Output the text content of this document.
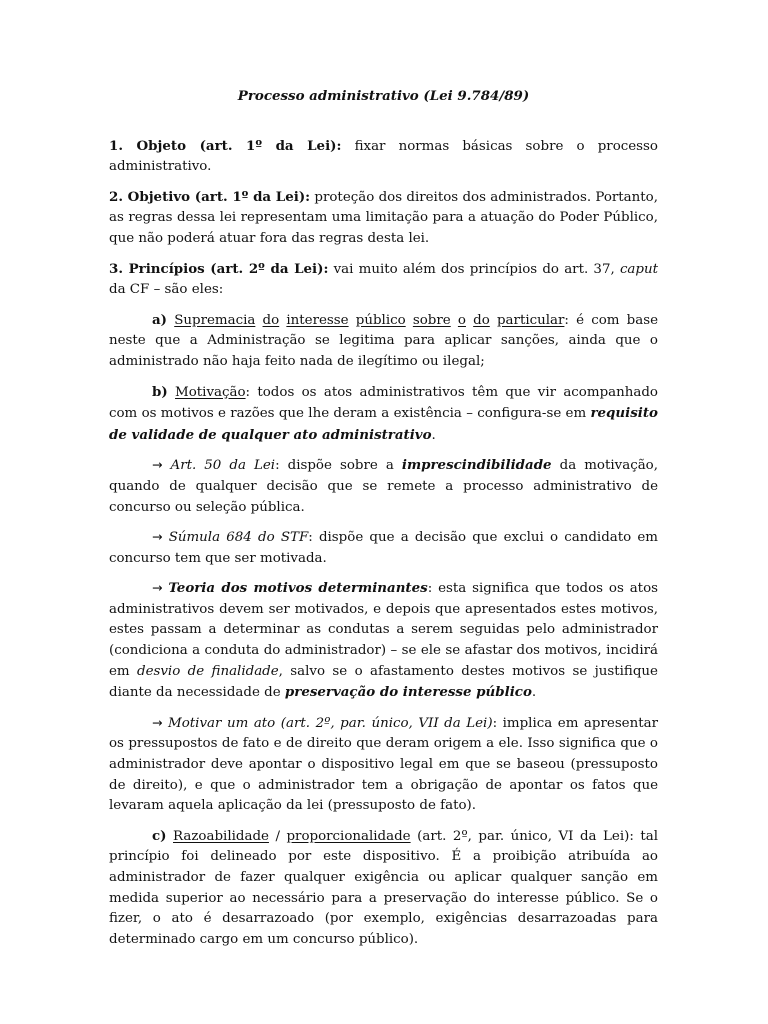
Processo administrativo (Lei 9.784/89)

1. Objeto (art. 1º da Lei): fixar normas básicas sobre o processo administrativo.

2. Objetivo (art. 1º da Lei): proteção dos direitos dos administrados. Portanto, as regras dessa lei representam uma limitação para a atuação do Poder Público, que não poderá atuar fora das regras desta lei.

3. Princípios (art. 2º da Lei): vai muito além dos princípios do art. 37, caput da CF – são eles:

a) Supremacia do interesse público sobre o do particular: é com base neste que a Administração se legitima para aplicar sanções, ainda que o administrado não haja feito nada de ilegítimo ou ilegal;

b) Motivação: todos os atos administrativos têm que vir acompanhado com os motivos e razões que lhe deram a existência – configura-se em requisito de validade de qualquer ato administrativo.

→ Art. 50 da Lei: dispõe sobre a imprescindibilidade da motivação, quando de qualquer decisão que se remete a processo administrativo de concurso ou seleção pública.

→ Súmula 684 do STF: dispõe que a decisão que exclui o candidato em concurso tem que ser motivada.

→ Teoria dos motivos determinantes: esta significa que todos os atos administrativos devem ser motivados, e depois que apresentados estes motivos, estes passam a determinar as condutas a serem seguidas pelo administrador (condiciona a conduta do administrador) – se ele se afastar dos motivos, incidirá em desvio de finalidade, salvo se o afastamento destes motivos se justifique diante da necessidade de preservação do interesse público.

→ Motivar um ato (art. 2º, par. único, VII da Lei): implica em apresentar os pressupostos de fato e de direito que deram origem a ele. Isso significa que o administrador deve apontar o dispositivo legal em que se baseou (pressuposto de direito), e que o administrador tem a obrigação de apontar os fatos que levaram aquela aplicação da lei (pressuposto de fato).

c) Razoabilidade / proporcionalidade (art. 2º, par. único, VI da Lei): tal princípio foi delineado por este dispositivo. É a proibição atribuída ao administrador de fazer qualquer exigência ou aplicar qualquer sanção em medida superior ao necessário para a preservação do interesse público. Se o fizer, o ato é desarrazoado (por exemplo, exigências desarrazoadas para determinado cargo em um concurso público).
